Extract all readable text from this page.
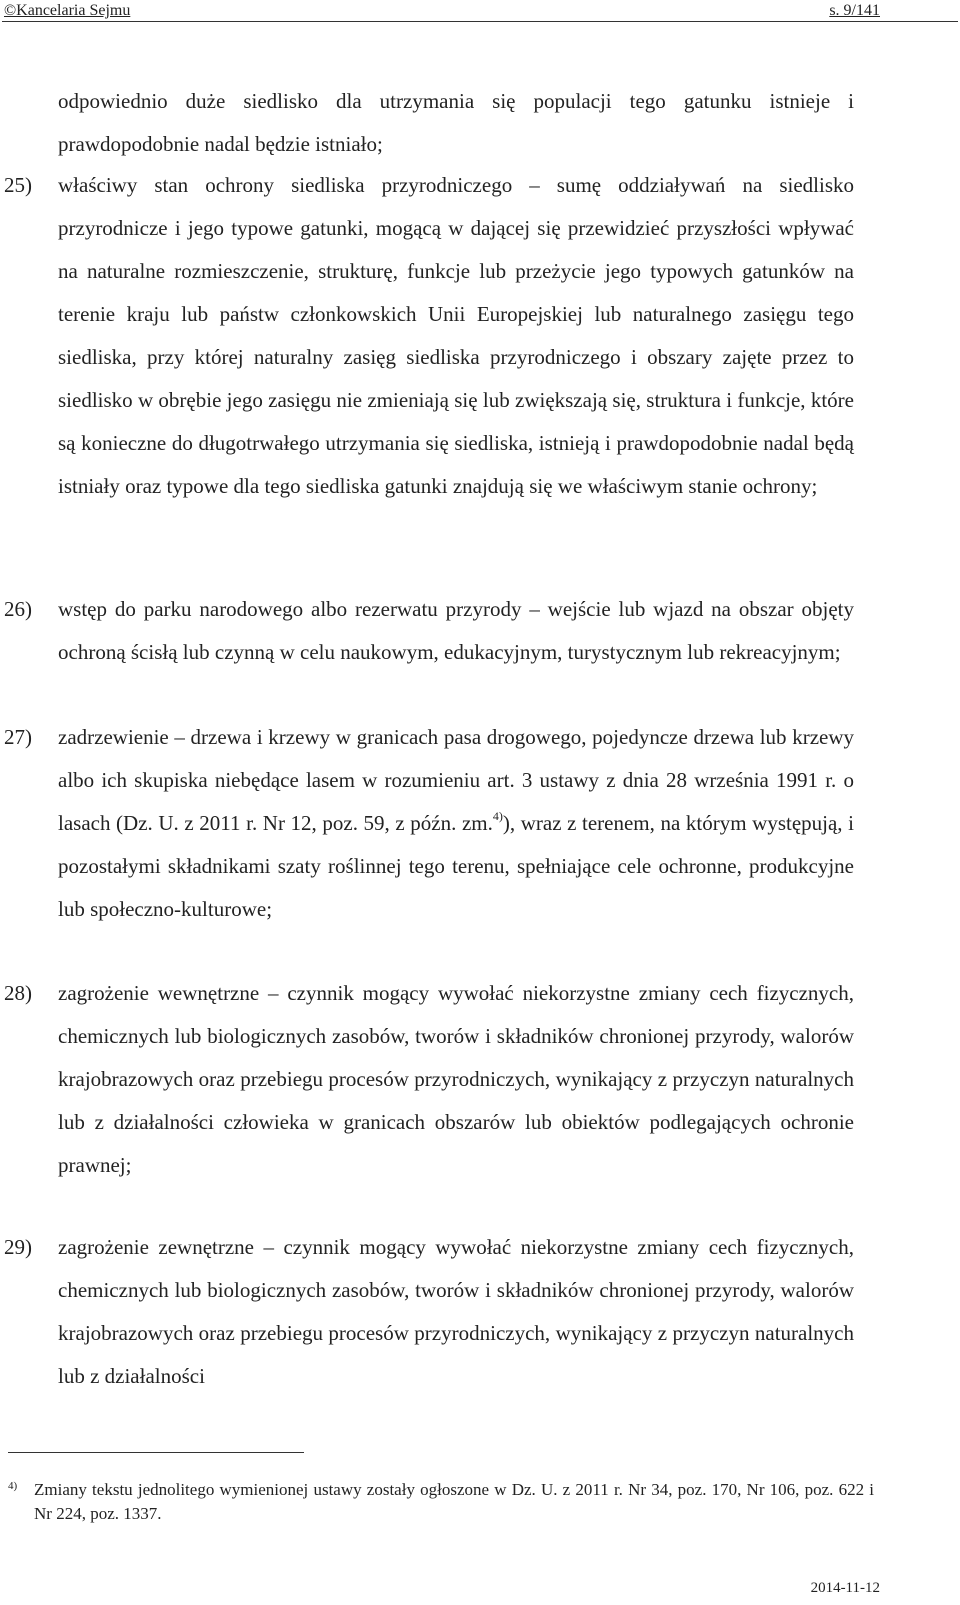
©Kancelaria Sejmu	s. 9/141

odpowiednio duże siedlisko dla utrzymania się populacji tego gatunku istnieje i prawdopodobnie nadal będzie istniało;

25)	właściwy stan ochrony siedliska przyrodniczego – sumę oddziaływań na siedlisko przyrodnicze i jego typowe gatunki, mogącą w dającej się przewidzieć przyszłości wpływać na naturalne rozmieszczenie, strukturę, funkcje lub przeżycie jego typowych gatunków na terenie kraju lub państw członkowskich Unii Europejskiej lub naturalnego zasięgu tego siedliska, przy której naturalny zasięg siedliska przyrodniczego i obszary zajęte przez to siedlisko w obrębie jego zasięgu nie zmieniają się lub zwiększają się, struktura i funkcje, które są konieczne do długotrwałego utrzymania się siedliska, istnieją i prawdopodobnie nadal będą istniały oraz typowe dla tego siedliska gatunki znajdują się we właściwym stanie ochrony;

26)	wstęp do parku narodowego albo rezerwatu przyrody – wejście lub wjazd na obszar objęty ochroną ścisłą lub czynną w celu naukowym, edukacyjnym, turystycznym lub rekreacyjnym;

27)	zadrzewienie – drzewa i krzewy w granicach pasa drogowego, pojedyncze drzewa lub krzewy albo ich skupiska niebędące lasem w rozumieniu art. 3 ustawy z dnia 28 września 1991 r. o lasach (Dz. U. z 2011 r. Nr 12, poz. 59, z późn. zm.$^{4)}$), wraz z terenem, na którym występują, i pozostałymi składnikami szaty roślinnej tego terenu, spełniające cele ochronne, produkcyjne lub społeczno-kulturowe;

28)	zagrożenie wewnętrzne – czynnik mogący wywołać niekorzystne zmiany cech fizycznych, chemicznych lub biologicznych zasobów, tworów i składników chronionej przyrody, walorów krajobrazowych oraz przebiegu procesów przyrodniczych, wynikający z przyczyn naturalnych lub z działalności człowieka w granicach obszarów lub obiektów podlegających ochronie prawnej;

29)	zagrożenie zewnętrzne – czynnik mogący wywołać niekorzystne zmiany cech fizycznych, chemicznych lub biologicznych zasobów, tworów i składników chronionej przyrody, walorów krajobrazowych oraz przebiegu procesów przyrodniczych, wynikający z przyczyn naturalnych lub z działalności

4) Zmiany tekstu jednolitego wymienionej ustawy zostały ogłoszone w Dz. U. z 2011 r. Nr 34, poz. 170, Nr 106, poz. 622 i Nr 224, poz. 1337.
2014-11-12
